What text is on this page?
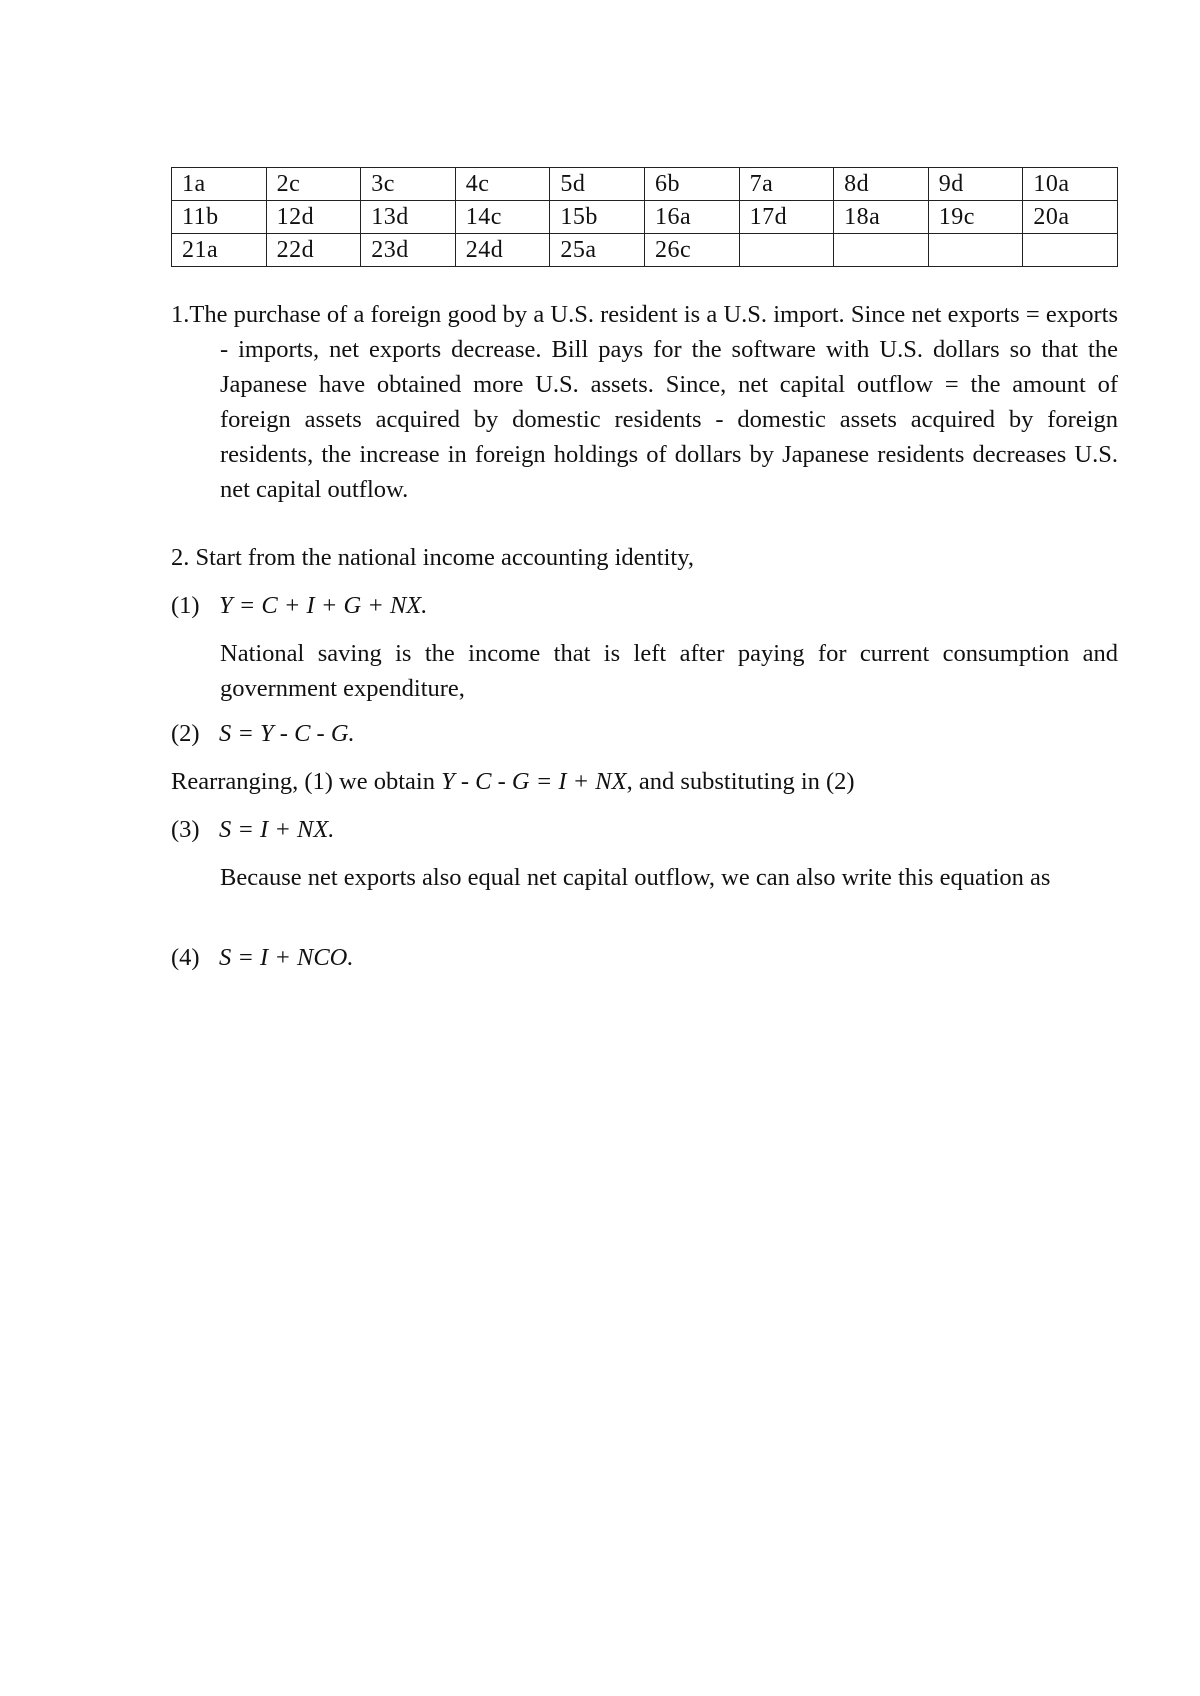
1a	2c	3c	4c	5d	6b	7a	8d	9d	10a
11b	12d	13d	14c	15b	16a	17d	18a	19c	20a
21a	22d	23d	24d	25a	26c				

1.The purchase of a foreign good by a U.S. resident is a U.S. import. Since net exports = exports - imports, net exports decrease. Bill pays for the software with U.S. dollars so that the Japanese have obtained more U.S. assets. Since, net capital outflow = the amount of foreign assets acquired by domestic residents - domestic assets acquired by foreign residents, the increase in foreign holdings of dollars by Japanese residents decreases U.S. net capital outflow.

2. Start from the national income accounting identity,

(1) Y = C + I + G + NX.

National saving is the income that is left after paying for current consumption and government expenditure,

(2) S = Y - C - G.

Rearranging, (1) we obtain Y - C - G = I + NX, and substituting in (2)

(3) S = I + NX.

Because net exports also equal net capital outflow, we can also write this equation as

(4) S = I + NCO.
